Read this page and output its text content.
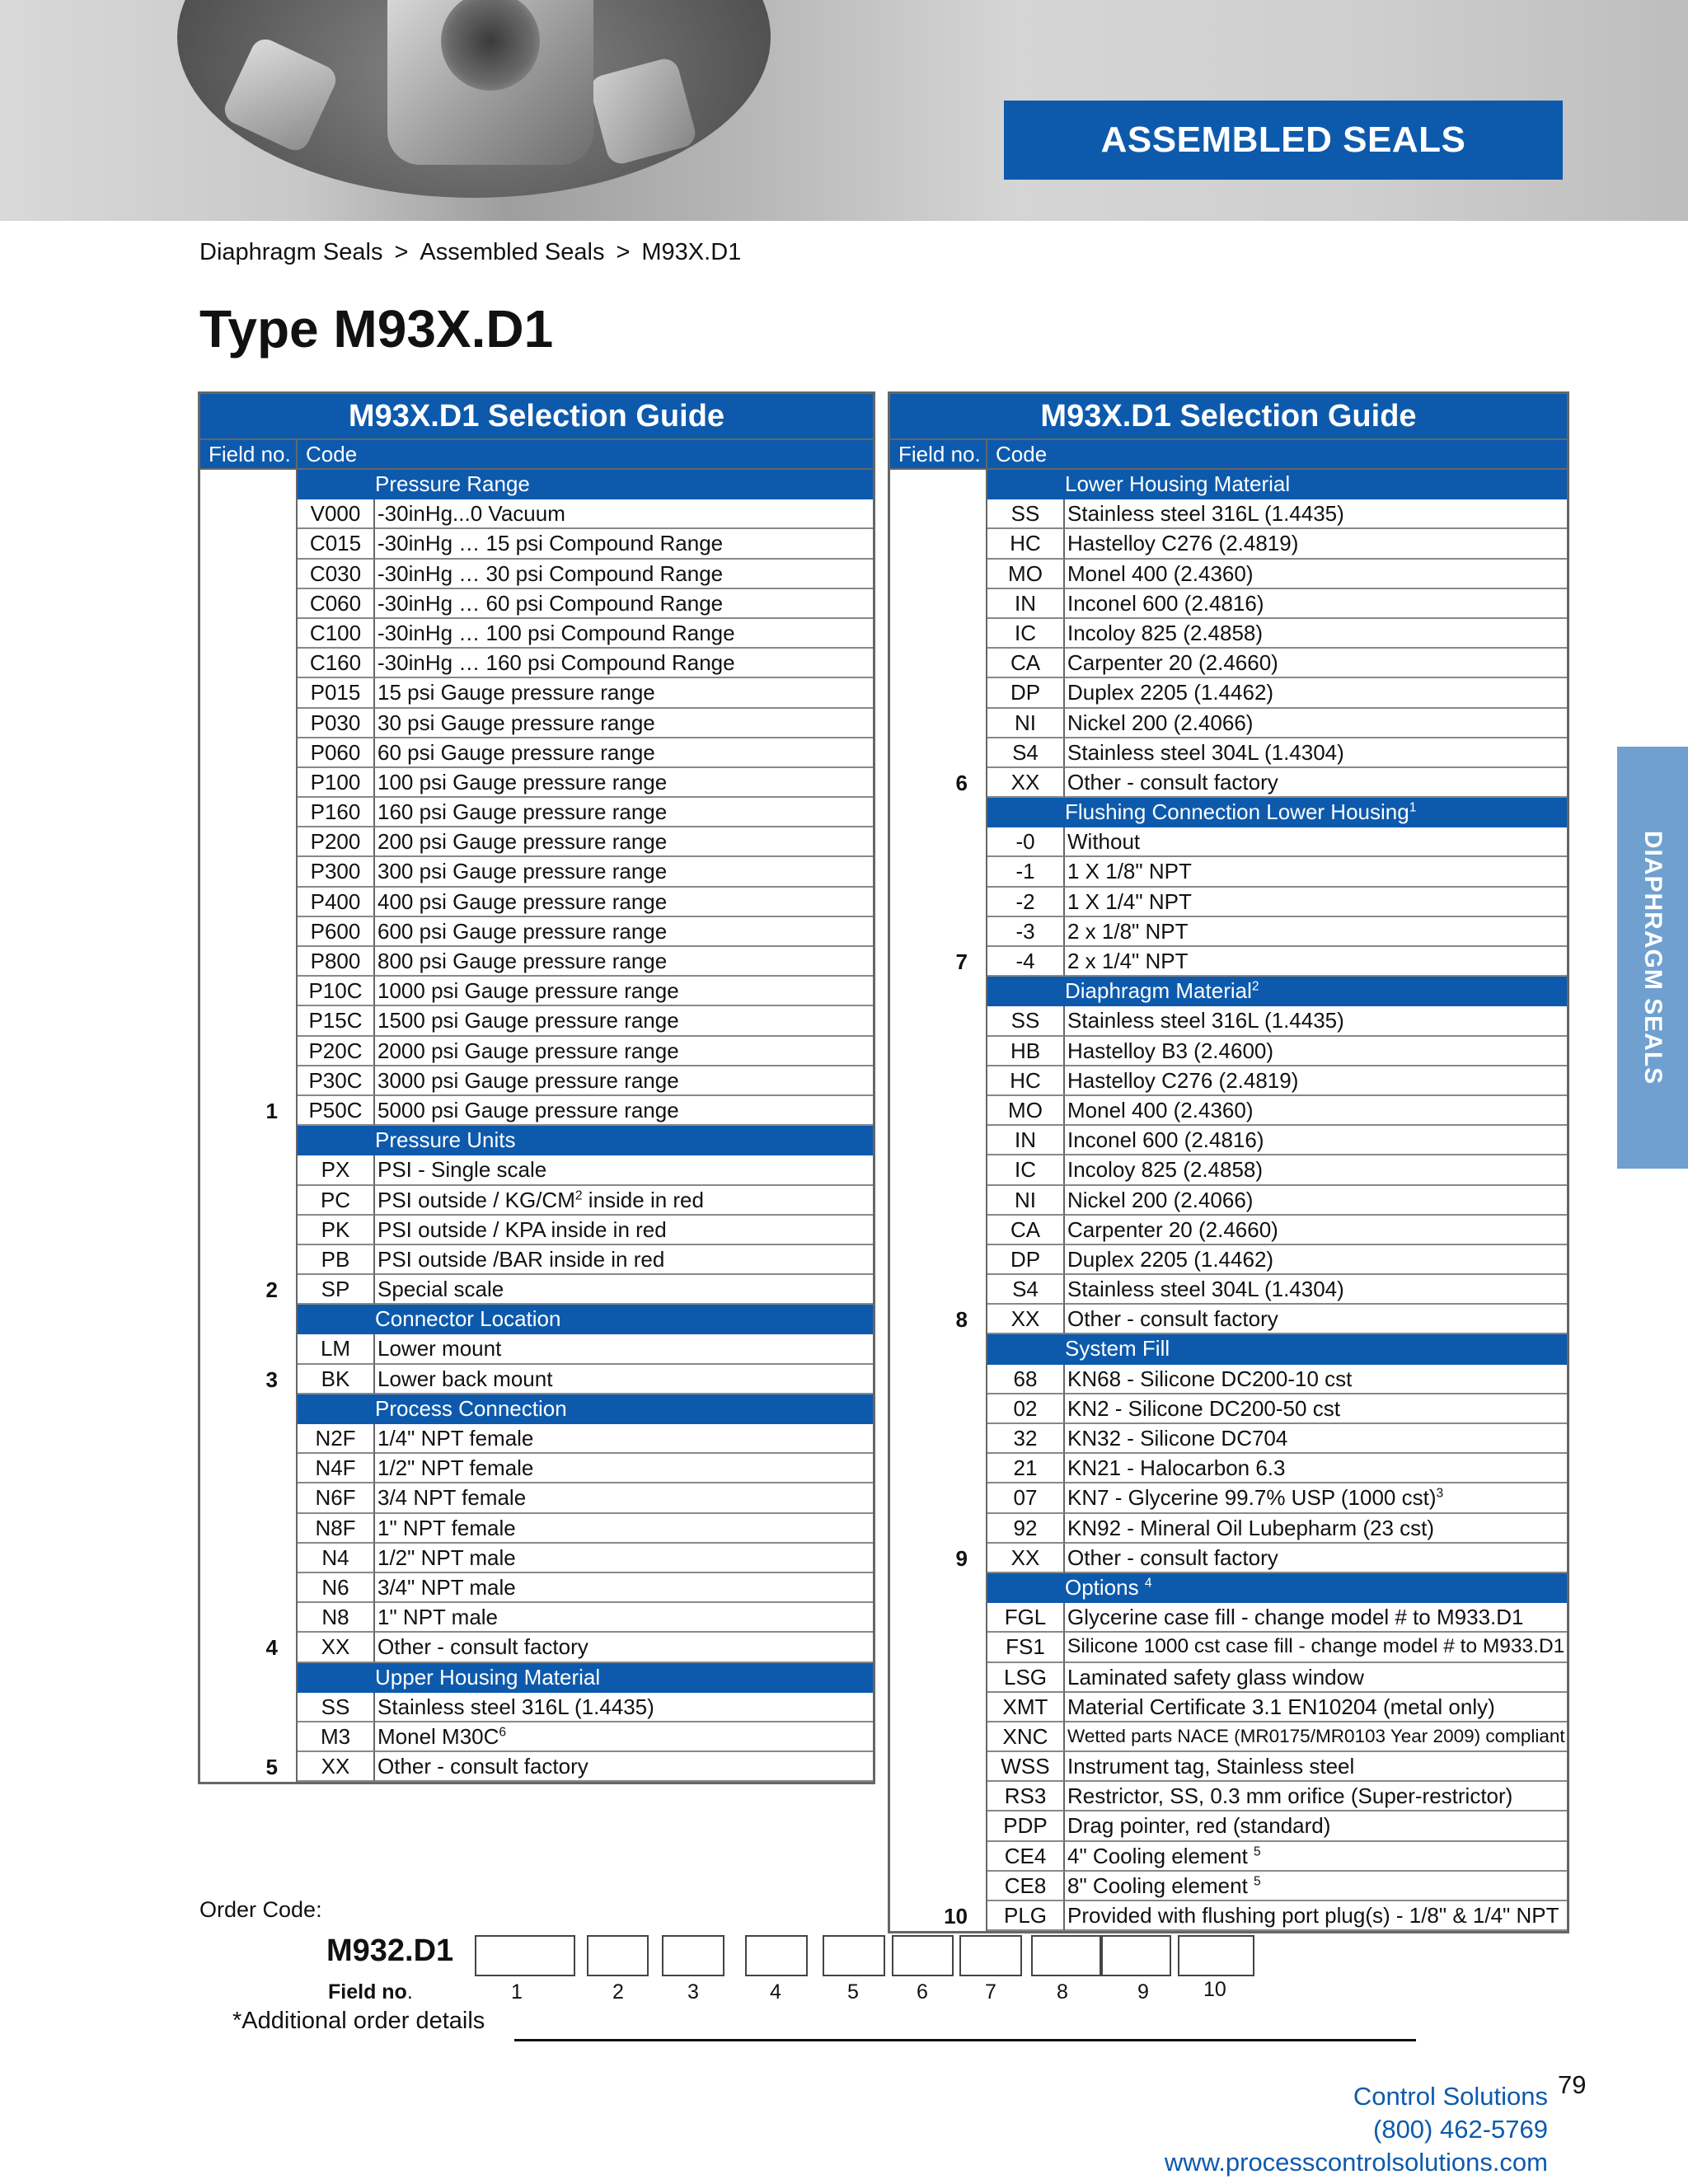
ASSEMBLED SEALS
Diaphragm Seals > Assembled Seals > M93X.D1
Type M93X.D1
M93X.D1 Selection Guide
Field no. Code
Pressure Range
V000 -30inHg...0 Vacuum
C015 -30inHg … 15 psi Compound Range
C030 -30inHg … 30 psi Compound Range
C060 -30inHg … 60 psi Compound Range
C100 -30inHg … 100 psi Compound Range
C160 -30inHg … 160 psi Compound Range
P015 15 psi Gauge pressure range
P030 30 psi Gauge pressure range
P060 60 psi Gauge pressure range
P100 100 psi Gauge pressure range
P160 160 psi Gauge pressure range
P200 200 psi Gauge pressure range
P300 300 psi Gauge pressure range
P400 400 psi Gauge pressure range
P600 600 psi Gauge pressure range
P800 800 psi Gauge pressure range
P10C 1000 psi Gauge pressure range
P15C 1500 psi Gauge pressure range
P20C 2000 psi Gauge pressure range
P30C 3000 psi Gauge pressure range
1	P50C 5000 psi Gauge pressure range
Pressure Units
PX	PSI - Single scale
PC	PSI outside / $KG/CM^2$ inside in red
PK	PSI outside / KPA inside in red
PB	PSI outside /BAR inside in red
2	SP	Special scale
Connector Location
LM	Lower mount
3	BK	Lower back mount
Process Connection
N2F	1/4" NPT female
N4F	1/2" NPT female
N6F	3/4 NPT female
N8F	1" NPT female
N4	1/2" NPT male
N6	3/4" NPT male
N8	1" NPT male
4	XX	Other - consult factory
Upper Housing Material
SS	Stainless steel 316L (1.4435)
M3	Monel $M30C^6$
5	XX	Other - consult factory
M93X.D1 Selection Guide
Field no. Code
Lower Housing Material
SS	Stainless steel 316L (1.4435)
HC	Hastelloy C276 (2.4819)
MO	Monel 400 (2.4360)
IN	Inconel 600 (2.4816)
IC	Incoloy 825 (2.4858)
CA	Carpenter 20 (2.4660)
DP	Duplex 2205 (1.4462)
NI	Nickel 200 (2.4066)
S4	Stainless steel 304L (1.4304)
6	XX	Other - consult factory
Flushing Connection Lower Housing$^1$
-0	Without
-1	1 X 1/8" NPT
-2	1 X 1/4" NPT
-3	2 x 1/8" NPT
7	-4	2 x 1/4" NPT
Diaphragm Material$^2$
SS	Stainless steel 316L (1.4435)
HB	Hastelloy B3 (2.4600)
HC	Hastelloy C276 (2.4819)
MO	Monel 400 (2.4360)
IN	Inconel 600 (2.4816)
IC	Incoloy 825 (2.4858)
NI	Nickel 200 (2.4066)
CA	Carpenter 20 (2.4660)
DP	Duplex 2205 (1.4462)
S4	Stainless steel 304L (1.4304)
8	XX	Other - consult factory
System Fill
68	KN68 - Silicone DC200-10 cst
02	KN2 - Silicone DC200-50 cst
32	KN32 - Silicone DC704
21	KN21 - Halocarbon 6.3
07	KN7 - Glycerine 99.7% USP (1000 cst)$^3$
92	KN92 - Mineral Oil Lubepharm (23 cst)
9	XX	Other - consult factory
Options $^4$
FGL Glycerine case fill - change model # to M933.D1
FS1	Silicone 1000 cst case fill - change model # to M933.D1
LSG Laminated safety glass window
XMT Material Certificate 3.1 EN10204 (metal only)
XNC	Wetted parts NACE (MR0175/MR0103 Year 2009) compliant
WSS Instrument tag, Stainless steel
RS3 Restrictor, SS, 0.3 mm orifice (Super-restrictor)
PDP Drag pointer, red (standard)
CE4 4" Cooling element $^5$
CE8 8" Cooling element $^5$
10	PLG Provided with flushing port plug(s) - 1/8" & 1/4" NPT
DIAPHRAGM SEALS
Order Code:
M932.D1
Field no.	1	2	3	4	5	6	7	8	9	10
*Additional order details
79
Control Solutions
(800) 462-5769
www.processcontrolsolutions.com
